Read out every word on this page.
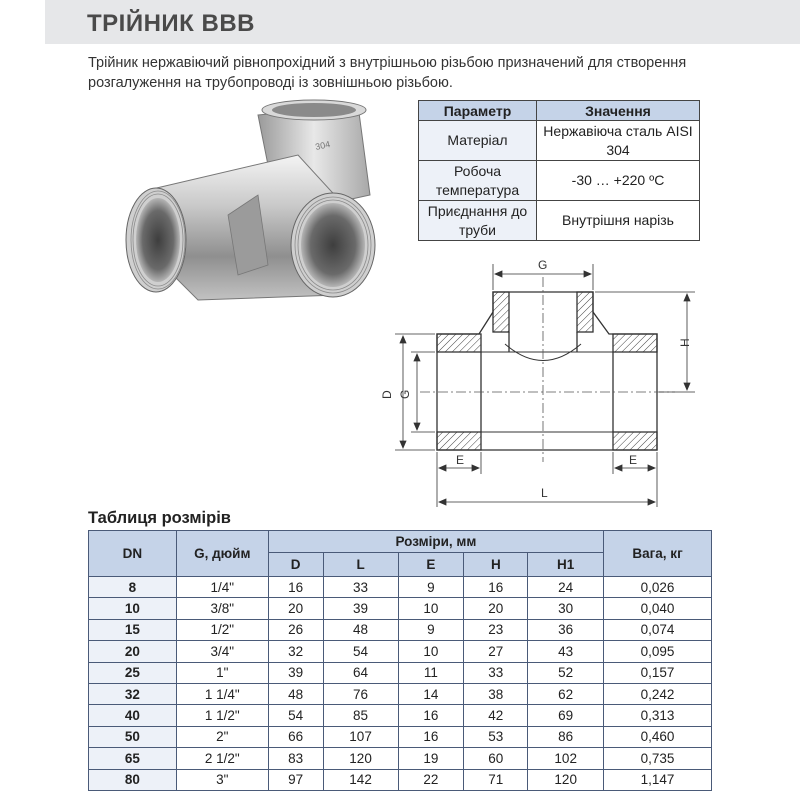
ТРІЙНИК ВВВ

Трійник нержавіючий рівнопрохідний з внутрішньою різьбою призначений для створення розгалуження на трубопроводі із зовнішньою різьбою.

304
Параметр	Значення
Матеріал	Нержавіюча сталь AISI 304
Робоча температура	-30 … +220 ºC
Приєднання до труби	Внутрішня нарізь
G
H
D G
E	E
L
Таблиця розмірів
DN	G, дюйм	Розміри, мм					Вага, кг
		D	L	E	H	H1	
8	1/4"	16	33	9	16	24	0,026
10	3/8"	20	39	10	20	30	0,040
15	1/2"	26	48	9	23	36	0,074
20	3/4"	32	54	10	27	43	0,095
25	1"	39	64	11	33	52	0,157
32	1 1/4"	48	76	14	38	62	0,242
40	1 1/2"	54	85	16	42	69	0,313
50	2"	66	107	16	53	86	0,460
65	2 1/2"	83	120	19	60	102	0,735
80	3"	97	142	22	71	120	1,147
